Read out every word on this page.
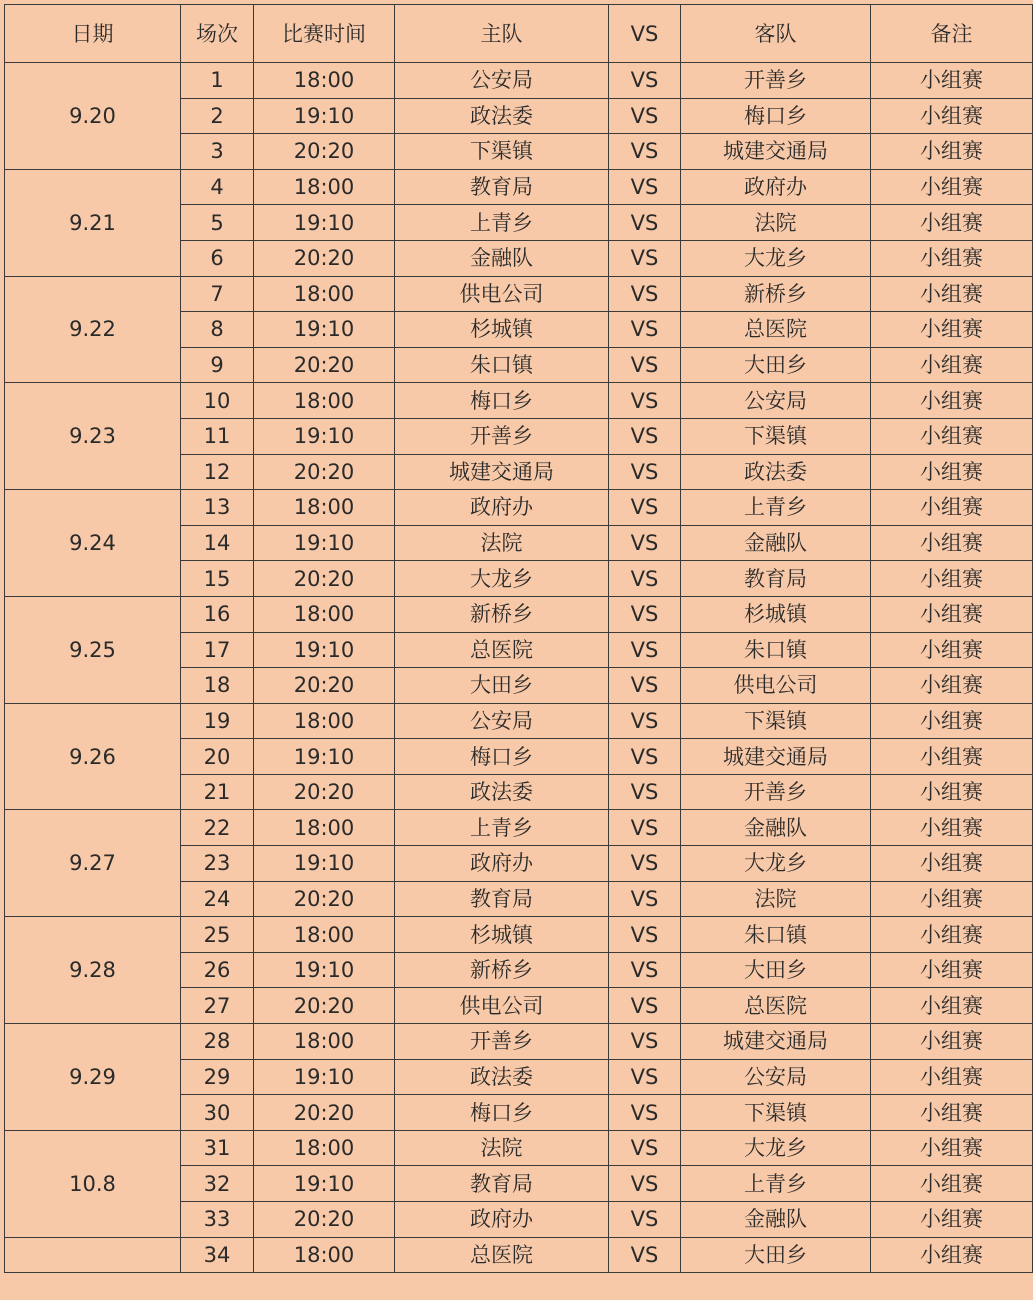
日期	场次	比赛时间	主队	VS	客队	备注
9.20	1	18:00	公安局	VS	开善乡	小组赛
	2	19:10	政法委	VS	梅口乡	小组赛
	3	20:20	下渠镇	VS	城建交通局	小组赛
9.21	4	18:00	教育局	VS	政府办	小组赛
	5	19:10	上青乡	VS	法院	小组赛
	6	20:20	金融队	VS	大龙乡	小组赛
9.22	7	18:00	供电公司	VS	新桥乡	小组赛
	8	19:10	杉城镇	VS	总医院	小组赛
	9	20:20	朱口镇	VS	大田乡	小组赛
9.23	10	18:00	梅口乡	VS	公安局	小组赛
	11	19:10	开善乡	VS	下渠镇	小组赛
	12	20:20	城建交通局	VS	政法委	小组赛
9.24	13	18:00	政府办	VS	上青乡	小组赛
	14	19:10	法院	VS	金融队	小组赛
	15	20:20	大龙乡	VS	教育局	小组赛
9.25	16	18:00	新桥乡	VS	杉城镇	小组赛
	17	19:10	总医院	VS	朱口镇	小组赛
	18	20:20	大田乡	VS	供电公司	小组赛
9.26	19	18:00	公安局	VS	下渠镇	小组赛
	20	19:10	梅口乡	VS	城建交通局	小组赛
	21	20:20	政法委	VS	开善乡	小组赛
9.27	22	18:00	上青乡	VS	金融队	小组赛
	23	19:10	政府办	VS	大龙乡	小组赛
	24	20:20	教育局	VS	法院	小组赛
9.28	25	18:00	杉城镇	VS	朱口镇	小组赛
	26	19:10	新桥乡	VS	大田乡	小组赛
	27	20:20	供电公司	VS	总医院	小组赛
9.29	28	18:00	开善乡	VS	城建交通局	小组赛
	29	19:10	政法委	VS	公安局	小组赛
	30	20:20	梅口乡	VS	下渠镇	小组赛
10.8	31	18:00	法院	VS	大龙乡	小组赛
	32	19:10	教育局	VS	上青乡	小组赛
	33	20:20	政府办	VS	金融队	小组赛
	34	18:00	总医院	VS	大田乡	小组赛
